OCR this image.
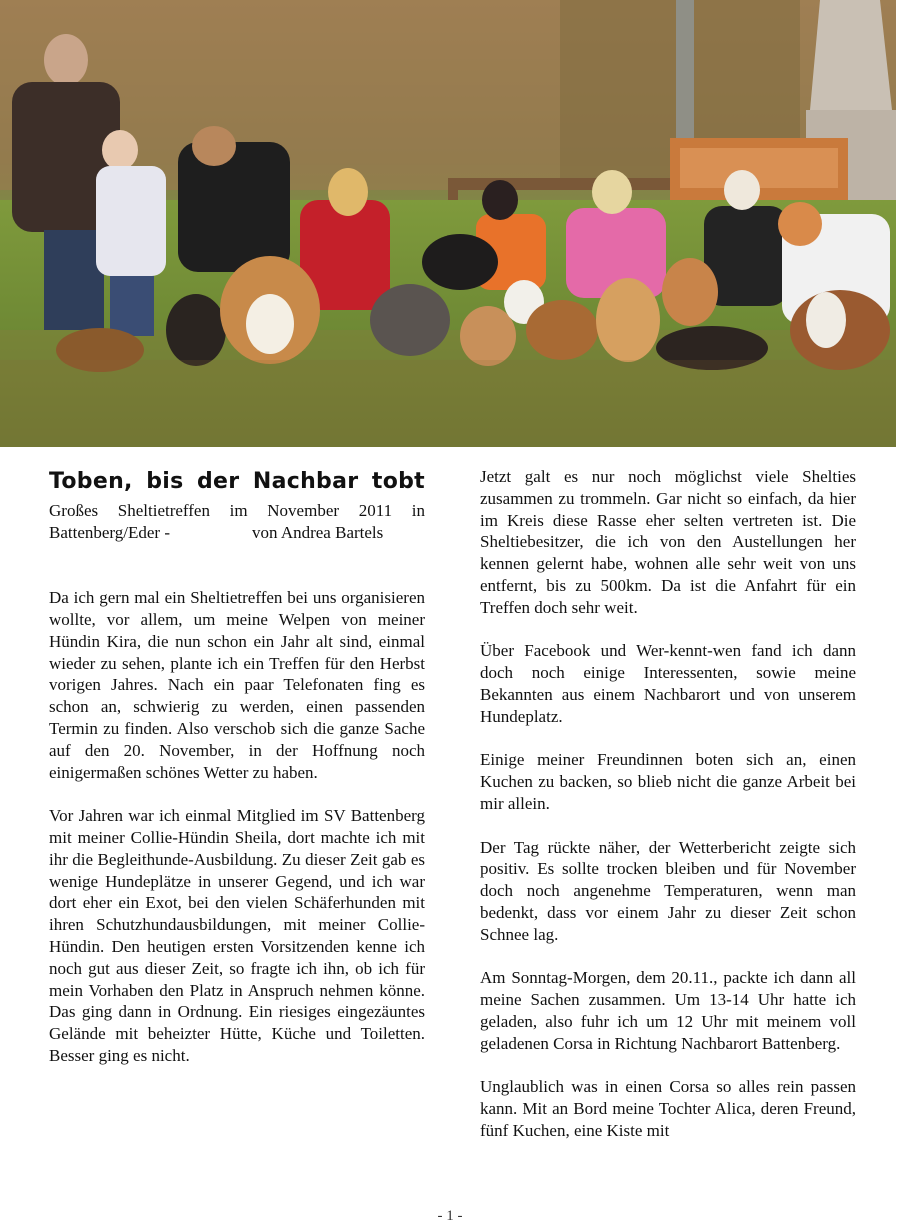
Toben, bis der Nachbar tobt

Großes Sheltietreffen im November 2011 in Battenberg/Eder -	von Andrea Bartels

Da ich gern mal ein Sheltietreffen bei uns organisieren wollte, vor allem, um meine Welpen von meiner Hündin Kira, die nun schon ein Jahr alt sind, einmal wieder zu sehen, plante ich ein Treffen für den Herbst vorigen Jahres. Nach ein paar Telefonaten fing es schon an, schwierig zu werden, einen passenden Termin zu finden. Also verschob sich die ganze Sache auf den 20. November, in der Hoffnung noch einigermaßen schönes Wetter zu haben.

Vor Jahren war ich einmal Mitglied im SV Battenberg mit meiner Collie-Hündin Sheila, dort machte ich mit ihr die Begleithunde-Ausbildung. Zu dieser Zeit gab es wenige Hundeplätze in unserer Gegend, und ich war dort eher ein Exot, bei den vielen Schäferhunden mit ihren Schutzhundausbildungen, mit meiner Collie-Hündin. Den heutigen ersten Vorsitzenden kenne ich noch gut aus dieser Zeit, so fragte ich ihn, ob ich für mein Vorhaben den Platz in Anspruch nehmen könne. Das ging dann in Ordnung. Ein riesiges eingezäuntes Gelände mit beheizter Hütte, Küche und Toiletten. Besser ging es nicht.

Jetzt galt es nur noch möglichst viele Shelties zusammen zu trommeln. Gar nicht so einfach, da hier im Kreis diese Rasse eher selten vertreten ist. Die Sheltiebesitzer, die ich von den Austellungen her kennen gelernt habe, wohnen alle sehr weit von uns entfernt, bis zu 500km. Da ist die Anfahrt für ein Treffen doch sehr weit.

Über Facebook und Wer-kennt-wen fand ich dann doch noch einige Interessenten, sowie meine Bekannten aus einem Nachbarort und von unserem Hundeplatz.

Einige meiner Freundinnen boten sich an, einen Kuchen zu backen, so blieb nicht die ganze Arbeit bei mir allein.

Der Tag rückte näher, der Wetterbericht zeigte sich positiv. Es sollte trocken bleiben und für November doch noch angenehme Temperaturen, wenn man bedenkt, dass vor einem Jahr zu dieser Zeit schon Schnee lag.

Am Sonntag-Morgen, dem 20.11., packte ich dann all meine Sachen zusammen. Um 13-14 Uhr hatte ich geladen, also fuhr ich um 12 Uhr mit meinem voll geladenen Corsa in Richtung Nachbarort Battenberg.

Unglaublich was in einen Corsa so alles rein passen kann. Mit an Bord meine Tochter Alica, deren Freund, fünf Kuchen, eine Kiste mit

- 1 -
